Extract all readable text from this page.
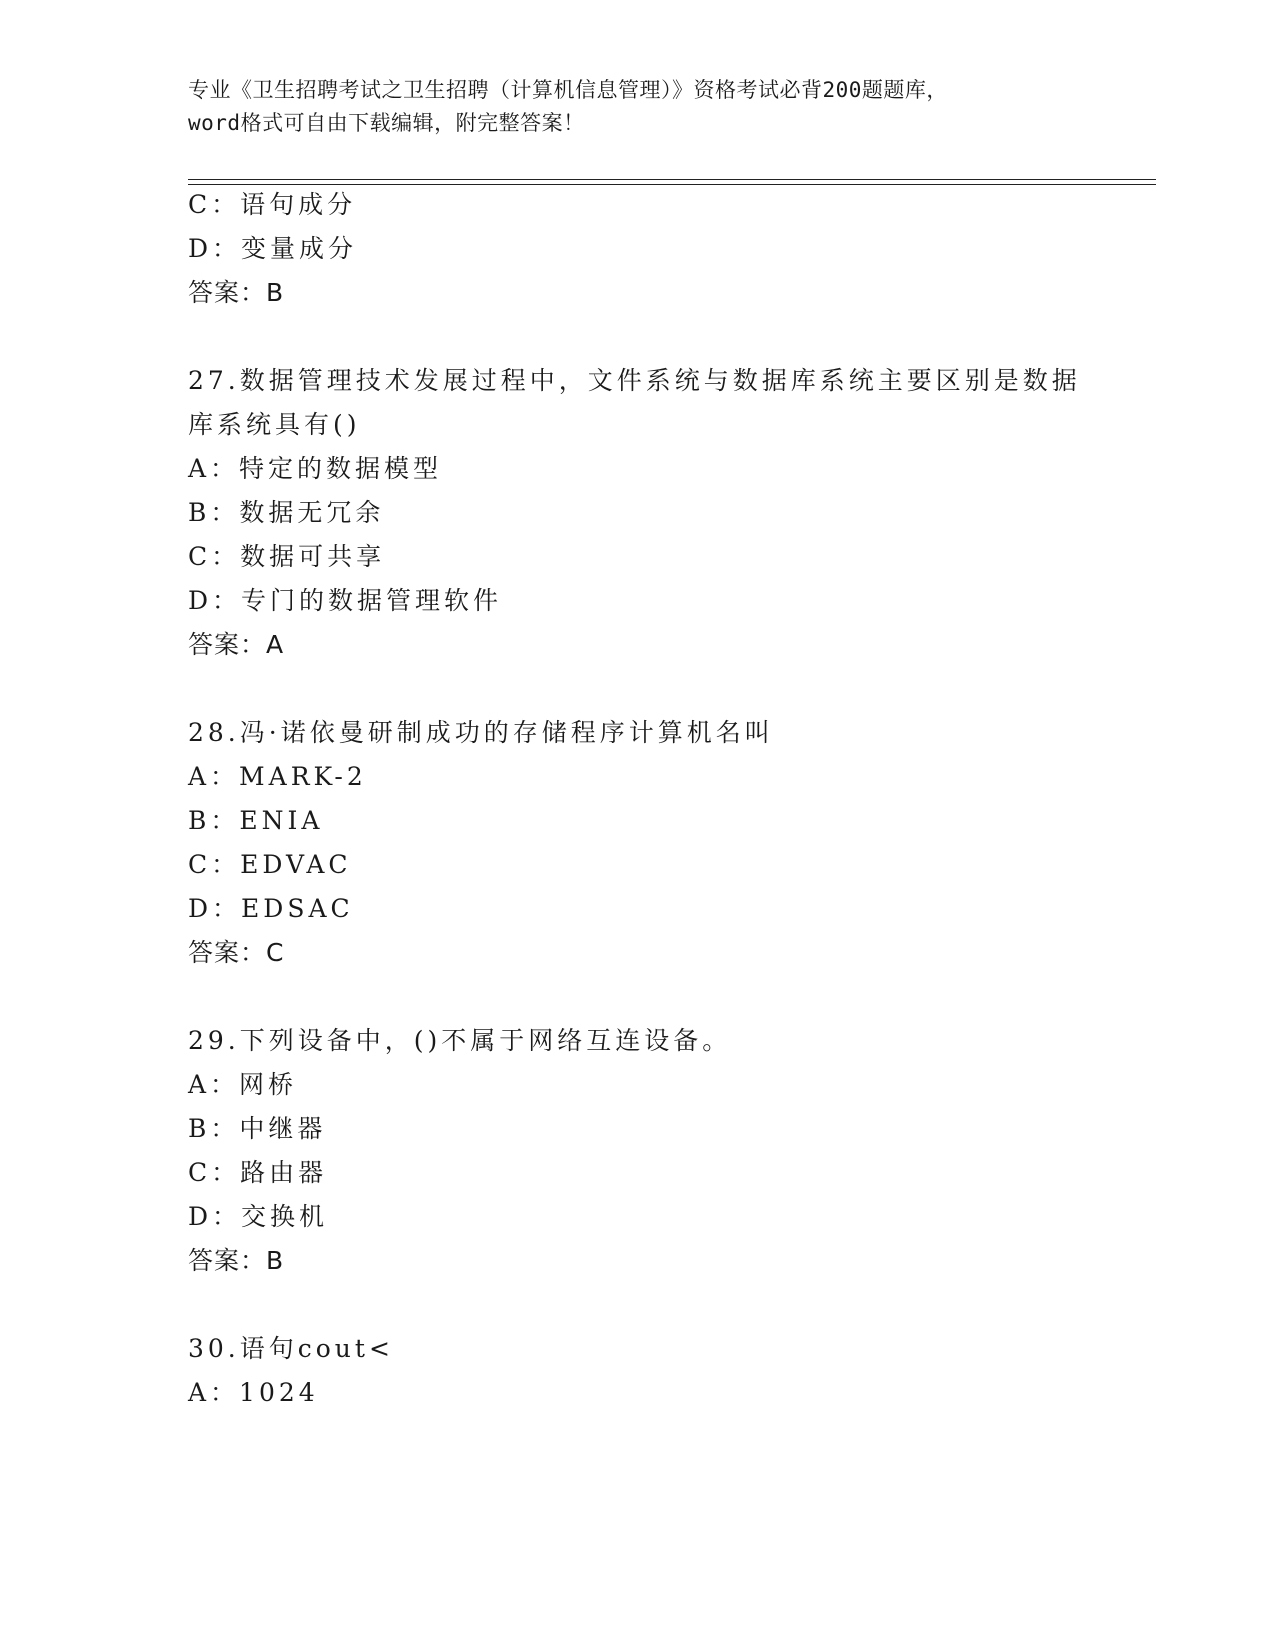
专业《卫生招聘考试之卫生招聘（计算机信息管理）》资格考试必背200题题库，
word格式可自由下载编辑，附完整答案！
C：语句成分
D：变量成分
答案：B
27.数据管理技术发展过程中，文件系统与数据库系统主要区别是数据
库系统具有()
A：特定的数据模型
B：数据无冗余
C：数据可共享
D：专门的数据管理软件
答案：A
28.冯·诺依曼研制成功的存储程序计算机名叫
A：MARK-2
B：ENIA
C：EDVAC
D：EDSAC
答案：C
29.下列设备中，()不属于网络互连设备。
A：网桥
B：中继器
C：路由器
D：交换机
答案：B
30.语句cout<
A：1024
